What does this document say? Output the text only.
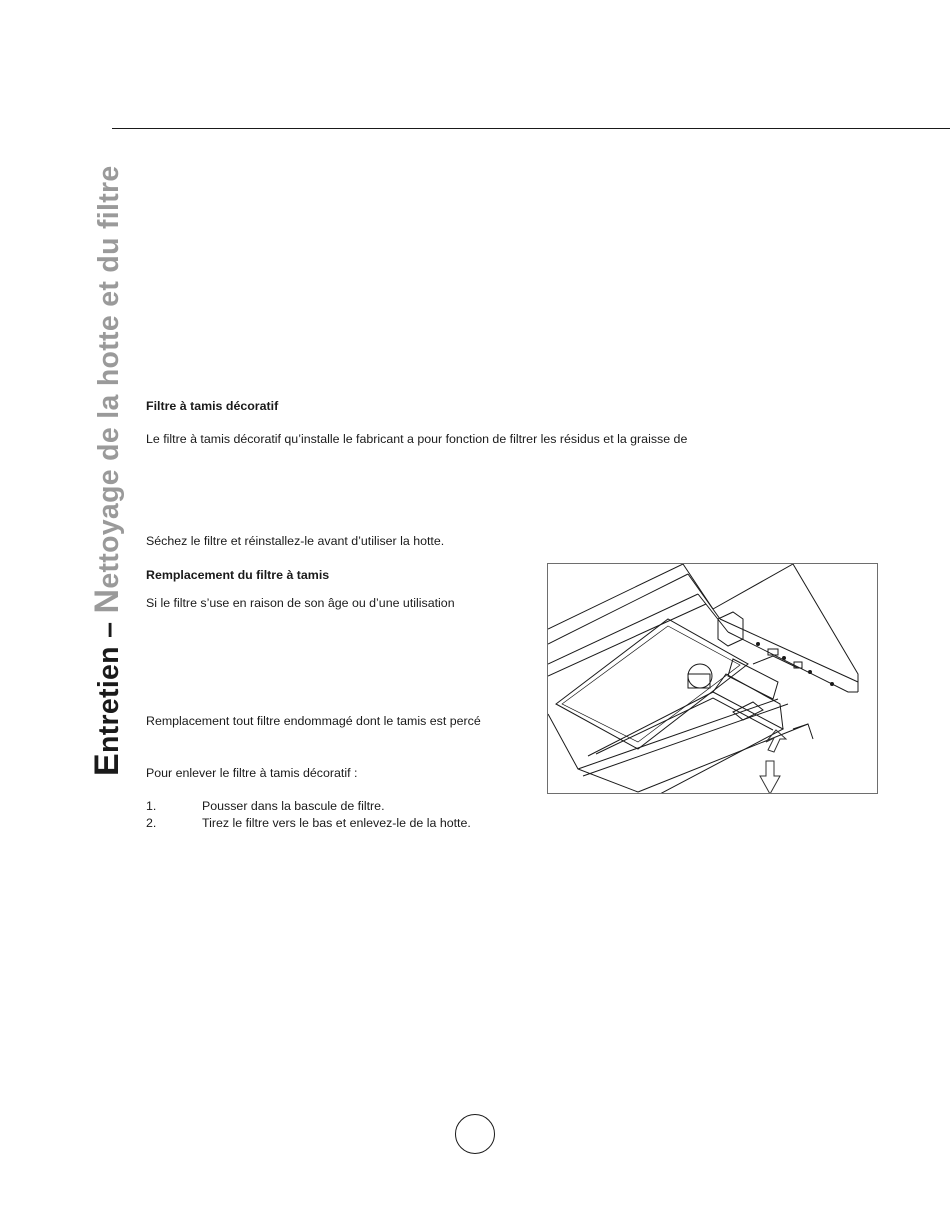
Entretien – Nettoyage de la hotte et du filtre Filtre à tamis décoratif
Le filtre à tamis décoratif qu’installe le fabricant a pour fonction de filtrer les résidus et la graisse de
Séchez le filtre et réinstallez-le avant d’utiliser la hotte.
Remplacement du filtre à tamis
Si le filtre s’use en raison de son âge ou d’une utilisation
Remplacement tout filtre endommagé dont le tamis est percé
Pour enlever le filtre à tamis décoratif :
1.	Pousser dans la bascule de filtre.
2.	Tirez le filtre vers le bas et enlevez-le de la hotte.
